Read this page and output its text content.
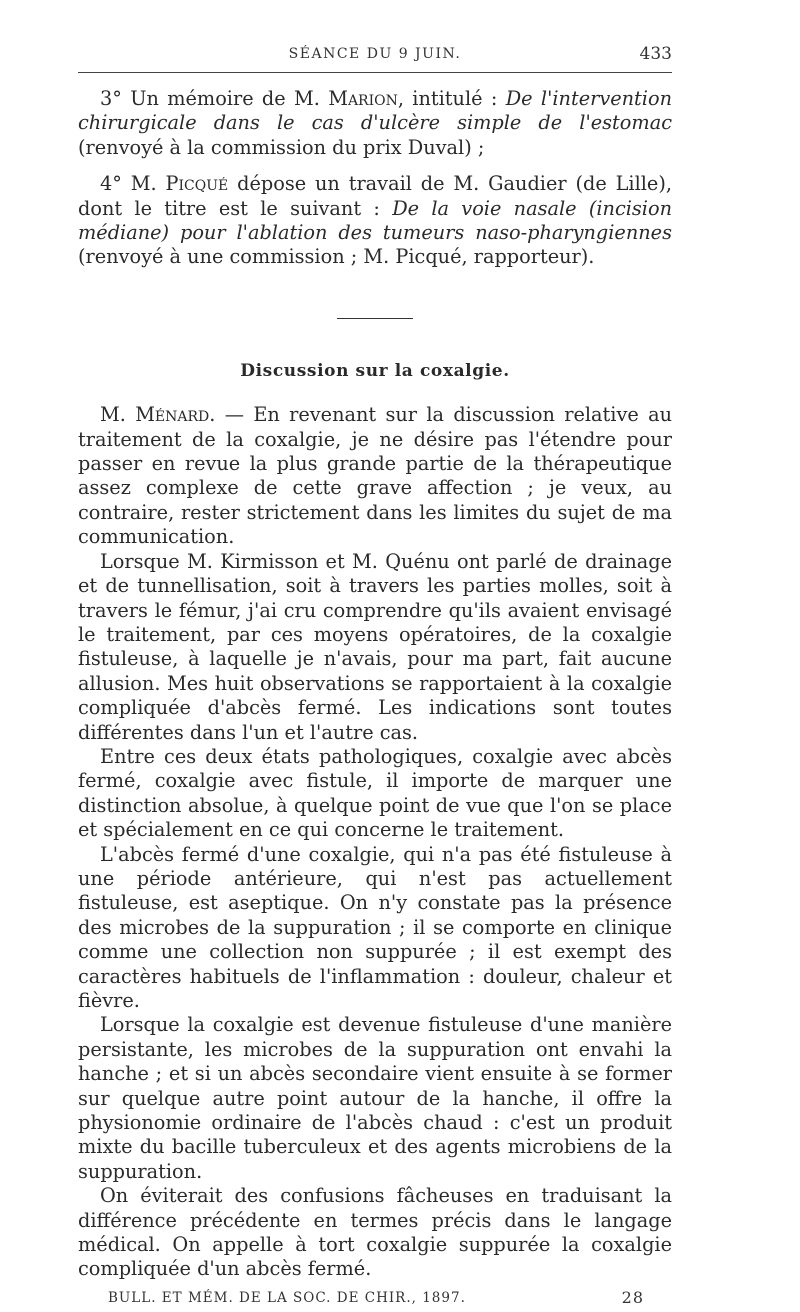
SÉANCE DU 9 JUIN.	433

3° Un mémoire de M. Marion, intitulé : De l'intervention chirurgicale dans le cas d'ulcère simple de l'estomac (renvoyé à la commission du prix Duval) ;

4° M. Picqué dépose un travail de M. Gaudier (de Lille), dont le titre est le suivant : De la voie nasale (incision médiane) pour l'ablation des tumeurs naso-pharyngiennes (renvoyé à une commission ; M. Picqué, rapporteur).

Discussion sur la coxalgie.

M. Ménard. — En revenant sur la discussion relative au traitement de la coxalgie, je ne désire pas l'étendre pour passer en revue la plus grande partie de la thérapeutique assez complexe de cette grave affection ; je veux, au contraire, rester strictement dans les limites du sujet de ma communication.

Lorsque M. Kirmisson et M. Quénu ont parlé de drainage et de tunnellisation, soit à travers les parties molles, soit à travers le fémur, j'ai cru comprendre qu'ils avaient envisagé le traitement, par ces moyens opératoires, de la coxalgie fistuleuse, à laquelle je n'avais, pour ma part, fait aucune allusion. Mes huit observations se rapportaient à la coxalgie compliquée d'abcès fermé. Les indications sont toutes différentes dans l'un et l'autre cas.

Entre ces deux états pathologiques, coxalgie avec abcès fermé, coxalgie avec fistule, il importe de marquer une distinction absolue, à quelque point de vue que l'on se place et spécialement en ce qui concerne le traitement.

L'abcès fermé d'une coxalgie, qui n'a pas été fistuleuse à une période antérieure, qui n'est pas actuellement fistuleuse, est aseptique. On n'y constate pas la présence des microbes de la suppuration ; il se comporte en clinique comme une collection non suppurée ; il est exempt des caractères habituels de l'inflammation : douleur, chaleur et fièvre.

Lorsque la coxalgie est devenue fistuleuse d'une manière persistante, les microbes de la suppuration ont envahi la hanche ; et si un abcès secondaire vient ensuite à se former sur quelque autre point autour de la hanche, il offre la physionomie ordinaire de l'abcès chaud : c'est un produit mixte du bacille tuberculeux et des agents microbiens de la suppuration.

On éviterait des confusions fâcheuses en traduisant la différence précédente en termes précis dans le langage médical. On appelle à tort coxalgie suppurée la coxalgie compliquée d'un abcès fermé.

BULL. ET MÉM. DE LA SOC. DE CHIR., 1897.	28
